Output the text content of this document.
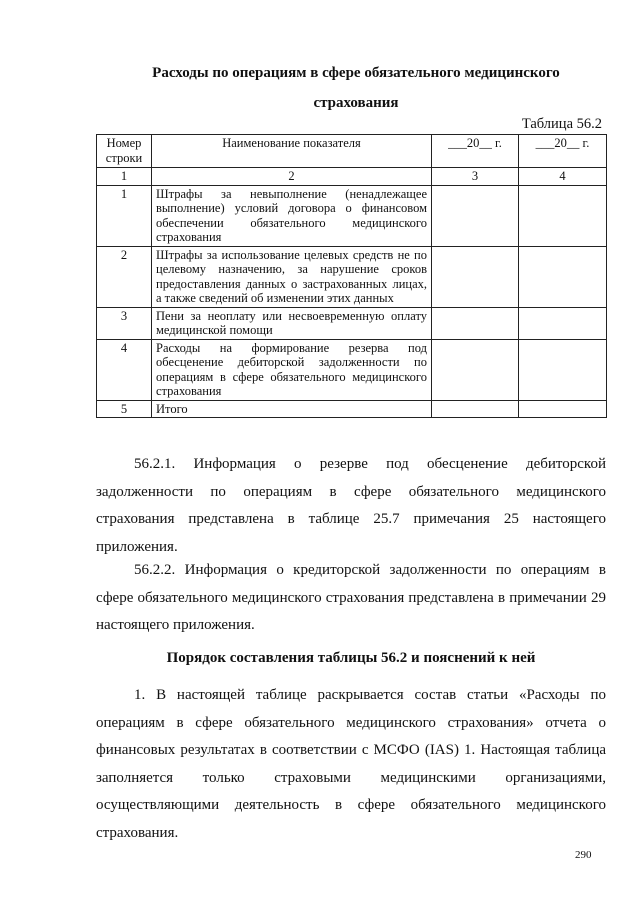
Расходы по операциям в сфере обязательного медицинского
страхования
Таблица 56.2
Номер строки	Наименование показателя	___20__ г.	___20__ г.
1	2	3	4
1	Штрафы за невыполнение (ненадлежащее выполнение) условий договора о финансовом обеспечении обязательного медицинского страхования		
2	Штрафы за использование целевых средств не по целевому назначению, за нарушение сроков предоставления данных о застрахованных лицах, а также сведений об изменении этих данных		
3	Пени за неоплату или несвоевременную оплату медицинской помощи		
4	Расходы на формирование резерва под обесценение дебиторской задолженности по операциям в сфере обязательного медицинского страхования		
5	Итого		
56.2.1. Информация о резерве под обесценение дебиторской задолженности по операциям в сфере обязательного медицинского страхования представлена в таблице 25.7 примечания 25 настоящего приложения.
56.2.2. Информация о кредиторской задолженности по операциям в сфере обязательного медицинского страхования представлена в примечании 29 настоящего приложения.
Порядок составления таблицы 56.2 и пояснений к ней
1. В настоящей таблице раскрывается состав статьи «Расходы по операциям в сфере обязательного медицинского страхования» отчета о финансовых результатах в соответствии с МСФО (IAS) 1. Настоящая таблица заполняется только страховыми медицинскими организациями, осуществляющими деятельность в сфере обязательного медицинского страхования.
290
